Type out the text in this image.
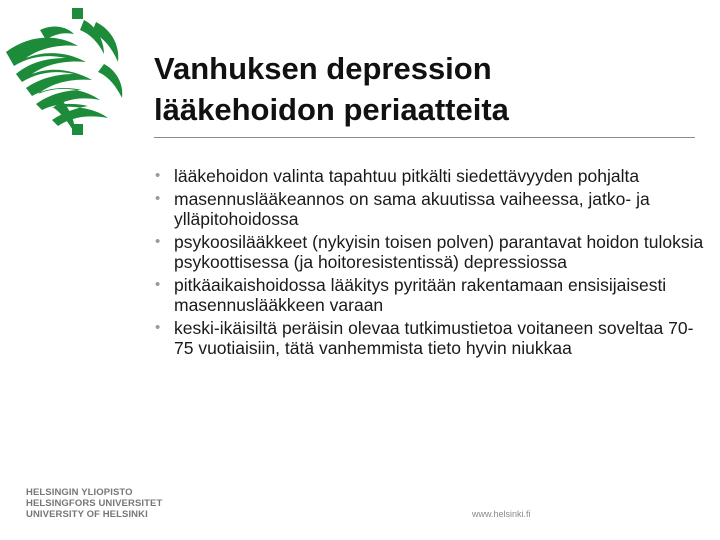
Vanhuksen depression
lääkehoidon periaatteita
• lääkehoidon valinta tapahtuu pitkälti siedettävyyden pohjalta
• masennuslääkeannos on sama akuutissa vaiheessa, jatko- ja ylläpitohoidossa
• psykoosilääkkeet (nykyisin toisen polven) parantavat hoidon tuloksia psykoottisessa (ja hoitoresistentissä) depressiossa
• pitkäaikaishoidossa lääkitys pyritään rakentamaan ensisijaisesti masennuslääkkeen varaan
• keski-ikäisiltä peräisin olevaa tutkimustietoa voitaneen soveltaa 70-75 vuotiaisiin, tätä vanhemmista tieto hyvin niukkaa
HELSINGIN YLIOPISTO
HELSINGFORS UNIVERSITET
UNIVERSITY OF HELSINKI	www.helsinki.fi
